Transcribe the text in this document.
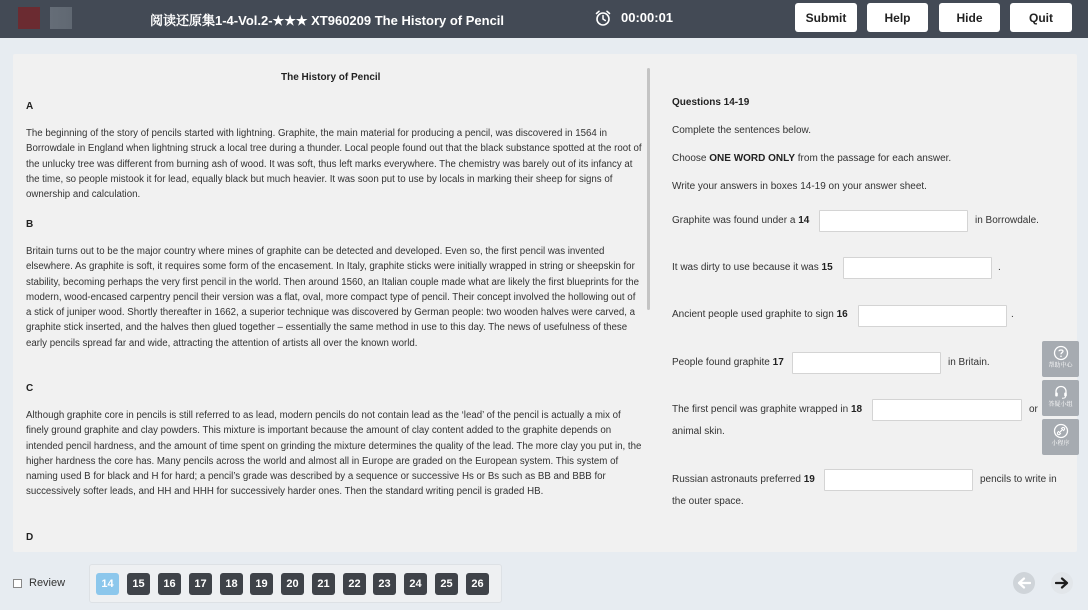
阅读还原集1-4-Vol.2-★★★ XT960209 The History of Pencil	00:00:01	Submit	Help	Hide	Quit
The History of Pencil
A
The beginning of the story of pencils started with lightning. Graphite, the main material for producing a pencil, was discovered in 1564 in Borrowdale in England when lightning struck a local tree during a thunder. Local people found out that the black substance spotted at the root of the unlucky tree was different from burning ash of wood. It was soft, thus left marks everywhere. The chemistry was barely out of its infancy at the time, so people mistook it for lead, equally black but much heavier. It was soon put to use by locals in marking their sheep for signs of ownership and calculation.
B
Britain turns out to be the major country where mines of graphite can be detected and developed. Even so, the first pencil was invented elsewhere. As graphite is soft, it requires some form of the encasement. In Italy, graphite sticks were initially wrapped in string or sheepskin for stability, becoming perhaps the very first pencil in the world. Then around 1560, an Italian couple made what are likely the first blueprints for the modern, wood-encased carpentry pencil their version was a flat, oval, more compact type of pencil. Their concept involved the hollowing out of a stick of juniper wood. Shortly thereafter in 1662, a superior technique was discovered by German people: two wooden halves were carved, a graphite stick inserted, and the halves then glued together – essentially the same method in use to this day. The news of usefulness of these early pencils spread far and wide, attracting the attention of artists all over the known world.
C
Although graphite core in pencils is still referred to as lead, modern pencils do not contain lead as the ‘lead’ of the pencil is actually a mix of finely ground graphite and clay powders. This mixture is important because the amount of clay content added to the graphite depends on intended pencil hardness, and the amount of time spent on grinding the mixture determines the quality of the lead. The more clay you put in, the higher hardness the core has. Many pencils across the world and almost all in Europe are graded on the European system. This system of naming used B for black and H for hard; a pencil’s grade was described by a sequence or successive Hs or Bs such as BB and BBB for successively softer leads, and HH and HHH for successively harder ones. Then the standard writing pencil is graded HB.
D
Questions 14-19
Complete the sentences below.
Choose ONE WORD ONLY from the passage for each answer.
Write your answers in boxes 14-19 on your answer sheet.
Graphite was found under a 14	in Borrowdale.
It was dirty to use because it was 15	.
Ancient people used graphite to sign 16	.
People found graphite 17	in Britain.
The first pencil was graphite wrapped in 18	or
animal skin.
Russian astronauts preferred 19	pencils to write in
the outer space.
帮助中心
答疑小组
小程序
Review	14	15	16	17	18	19	20	21	22	23	24	25	26
